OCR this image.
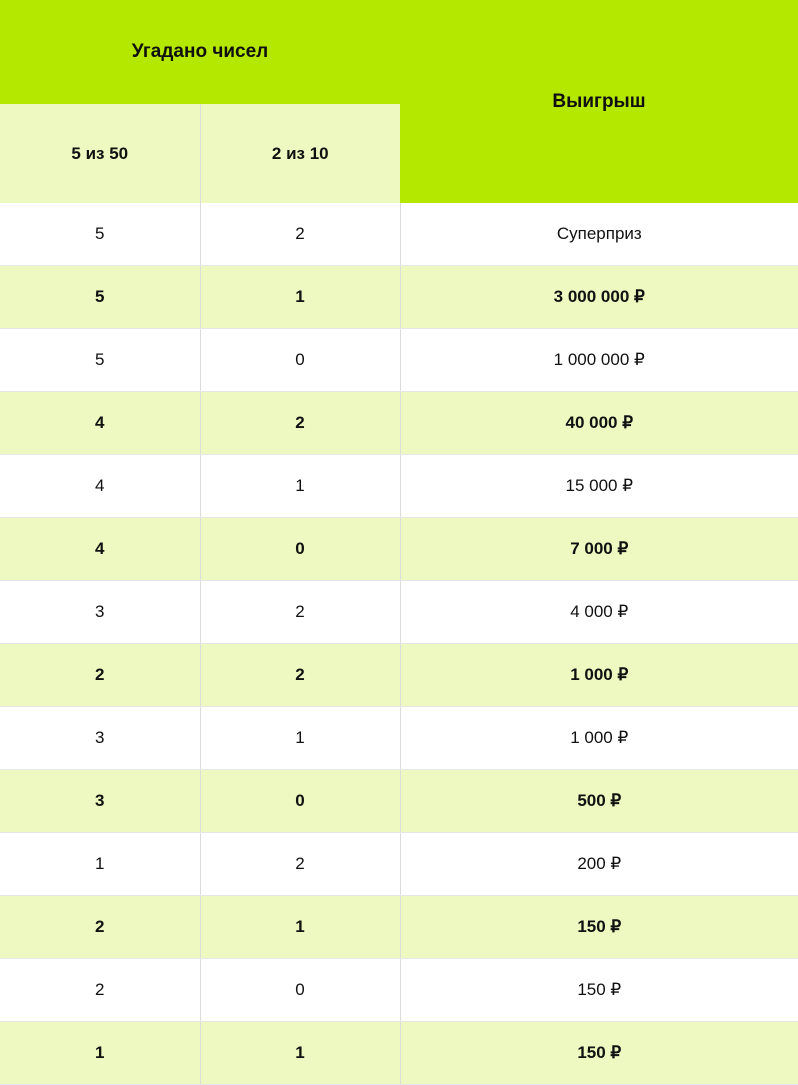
Угадано чисел		Выигрыш
5 из 50	2 из 10	
5	2	Суперприз
5	1	3 000 000 ₽
5	0	1 000 000 ₽
4	2	40 000 ₽
4	1	15 000 ₽
4	0	7 000 ₽
3	2	4 000 ₽
2	2	1 000 ₽
3	1	1 000 ₽
3	0	500 ₽
1	2	200 ₽
2	1	150 ₽
2	0	150 ₽
1	1	150 ₽
